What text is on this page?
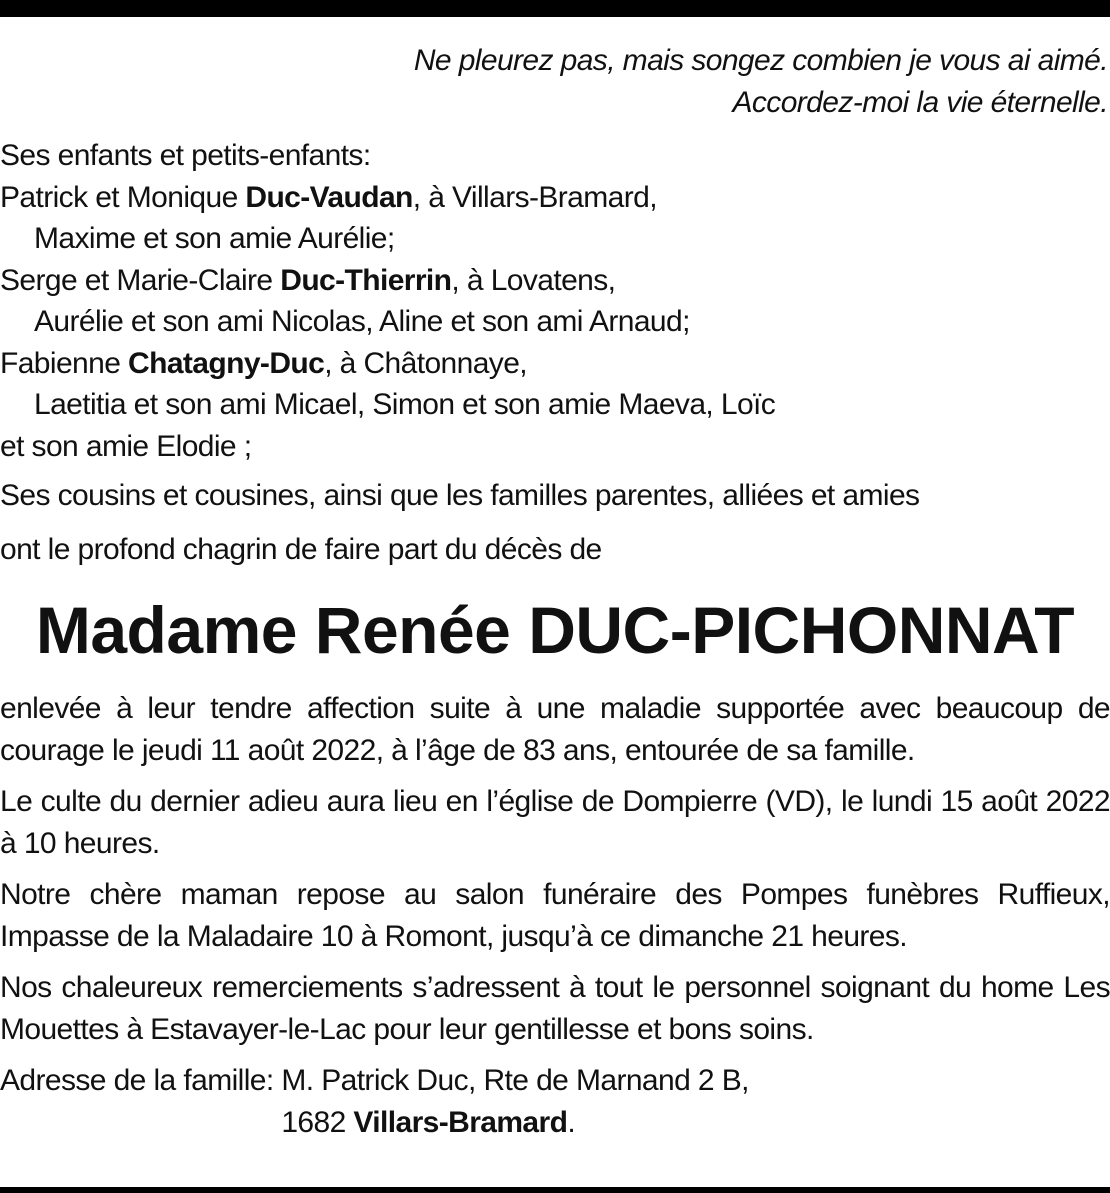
Ne pleurez pas, mais songez combien je vous ai aimé.
Accordez-moi la vie éternelle.
Ses enfants et petits-enfants:
Patrick et Monique Duc-Vaudan, à Villars-Bramard,
Maxime et son amie Aurélie;
Serge et Marie-Claire Duc-Thierrin, à Lovatens,
Aurélie et son ami Nicolas, Aline et son ami Arnaud;
Fabienne Chatagny-Duc, à Châtonnaye,
Laetitia et son ami Micael, Simon et son amie Maeva, Loïc
et son amie Elodie ;
Ses cousins et cousines, ainsi que les familles parentes, alliées et amies
ont le profond chagrin de faire part du décès de
Madame Renée DUC-PICHONNAT
enlevée à leur tendre affection suite à une maladie supportée avec beaucoup de courage le jeudi 11 août 2022, à l’âge de 83 ans, entourée de sa famille.
Le culte du dernier adieu aura lieu en l’église de Dompierre (VD), le lundi 15 août 2022 à 10 heures.
Notre chère maman repose au salon funéraire des Pompes funèbres Ruffieux, Impasse de la Maladaire 10 à Romont, jusqu’à ce dimanche 21 heures.
Nos chaleureux remerciements s’adressent à tout le personnel soignant du home Les Mouettes à Estavayer-le-Lac pour leur gentillesse et bons soins.
Adresse de la famille: M. Patrick Duc, Rte de Marnand 2 B,
1682 Villars-Bramard.
